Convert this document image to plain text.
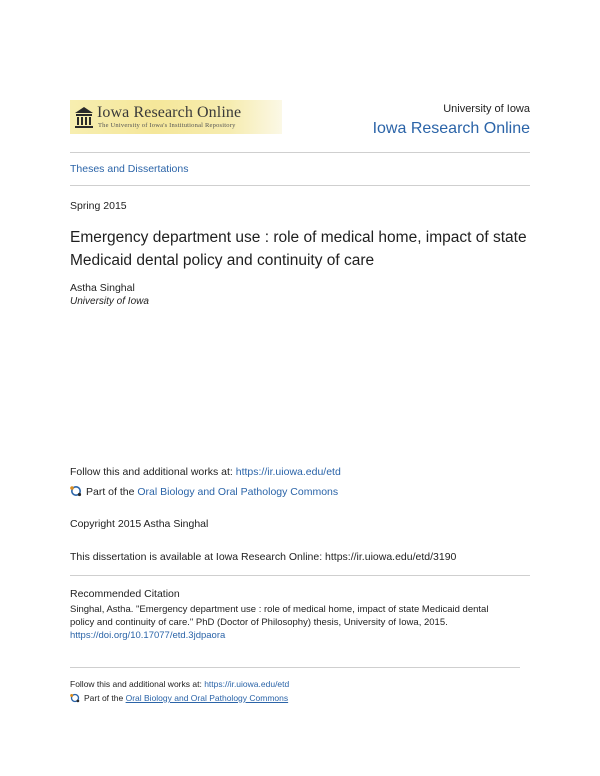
Iowa Research Online
The University of Iowa's Institutional Repository
University of Iowa
Iowa Research Online
Theses and Dissertations
Spring 2015
Emergency department use : role of medical home, impact of state Medicaid dental policy and continuity of care
Astha Singhal
University of Iowa
Follow this and additional works at: https://ir.uiowa.edu/etd
Part of the Oral Biology and Oral Pathology Commons
Copyright 2015 Astha Singhal
This dissertation is available at Iowa Research Online: https://ir.uiowa.edu/etd/3190
Recommended Citation
Singhal, Astha. "Emergency department use : role of medical home, impact of state Medicaid dental
policy and continuity of care." PhD (Doctor of Philosophy) thesis, University of Iowa, 2015.
https://doi.org/10.17077/etd.3jdpaora
Follow this and additional works at: https://ir.uiowa.edu/etd
Part of the Oral Biology and Oral Pathology Commons
